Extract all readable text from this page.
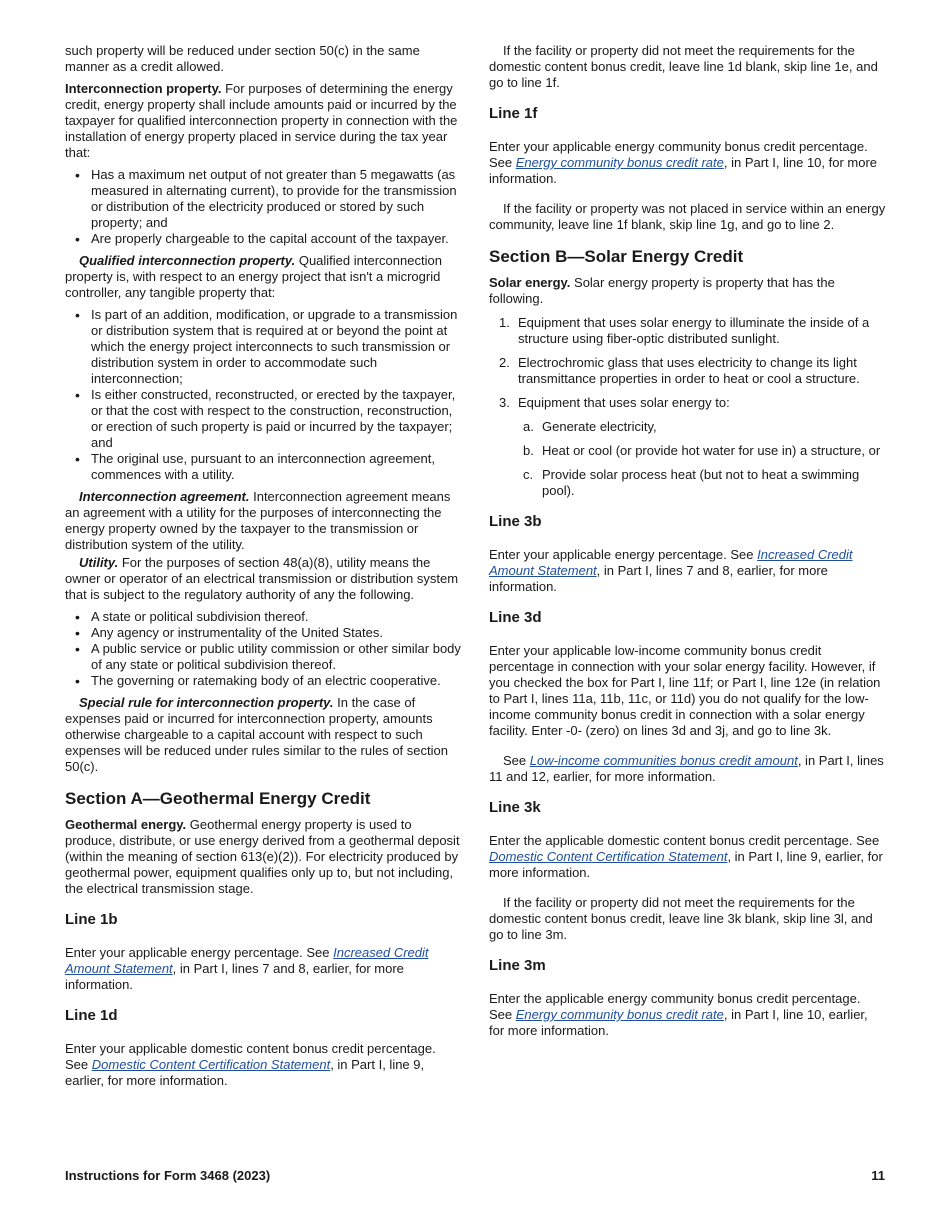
such property will be reduced under section 50(c) in the same manner as a credit allowed.

Interconnection property. For purposes of determining the energy credit, energy property shall include amounts paid or incurred by the taxpayer for qualified interconnection property in connection with the installation of energy property placed in service during the tax year that:

• Has a maximum net output of not greater than 5 megawatts (as measured in alternating current), to provide for the transmission or distribution of the electricity produced or stored by such property; and
• Are properly chargeable to the capital account of the taxpayer.

Qualified interconnection property. Qualified interconnection property is, with respect to an energy project that isn't a microgrid controller, any tangible property that:

• Is part of an addition, modification, or upgrade to a transmission or distribution system that is required at or beyond the point at which the energy project interconnects to such transmission or distribution system in order to accommodate such interconnection;
• Is either constructed, reconstructed, or erected by the taxpayer, or that the cost with respect to the construction, reconstruction, or erection of such property is paid or incurred by the taxpayer; and
• The original use, pursuant to an interconnection agreement, commences with a utility.

Interconnection agreement. Interconnection agreement means an agreement with a utility for the purposes of interconnecting the energy property owned by the taxpayer to the transmission or distribution system of the utility.

Utility. For the purposes of section 48(a)(8), utility means the owner or operator of an electrical transmission or distribution system that is subject to the regulatory authority of any the following.

• A state or political subdivision thereof.
• Any agency or instrumentality of the United States.
• A public service or public utility commission or other similar body of any state or political subdivision thereof.
• The governing or ratemaking body of an electric cooperative.

Special rule for interconnection property. In the case of expenses paid or incurred for interconnection property, amounts otherwise chargeable to a capital account with respect to such expenses will be reduced under rules similar to the rules of section 50(c).

Section A—Geothermal Energy Credit

Geothermal energy. Geothermal energy property is used to produce, distribute, or use energy derived from a geothermal deposit (within the meaning of section 613(e)(2)). For electricity produced by geothermal power, equipment qualifies only up to, but not including, the electrical transmission stage.

Line 1b

Enter your applicable energy percentage. See Increased Credit Amount Statement, in Part I, lines 7 and 8, earlier, for more information.

Line 1d

Enter your applicable domestic content bonus credit percentage. See Domestic Content Certification Statement, in Part I, line 9, earlier, for more information.

If the facility or property did not meet the requirements for the domestic content bonus credit, leave line 1d blank, skip line 1e, and go to line 1f.

Line 1f

Enter your applicable energy community bonus credit percentage. See Energy community bonus credit rate, in Part I, line 10, for more information.

If the facility or property was not placed in service within an energy community, leave line 1f blank, skip line 1g, and go to line 2.

Section B—Solar Energy Credit

Solar energy. Solar energy property is property that has the following.

1. Equipment that uses solar energy to illuminate the inside of a structure using fiber-optic distributed sunlight.
2. Electrochromic glass that uses electricity to change its light transmittance properties in order to heat or cool a structure.
3. Equipment that uses solar energy to:
a. Generate electricity,
b. Heat or cool (or provide hot water for use in) a structure, or
c. Provide solar process heat (but not to heat a swimming pool).
Line 3b

Enter your applicable energy percentage. See Increased Credit Amount Statement, in Part I, lines 7 and 8, earlier, for more information.

Line 3d

Enter your applicable low-income community bonus credit percentage in connection with your solar energy facility. However, if you checked the box for Part I, line 11f; or Part I, line 12e (in relation to Part I, lines 11a, 11b, 11c, or 11d) you do not qualify for the low-income community bonus credit in connection with a solar energy facility. Enter -0- (zero) on lines 3d and 3j, and go to line 3k.

See Low-income communities bonus credit amount, in Part I, lines 11 and 12, earlier, for more information.

Line 3k

Enter the applicable domestic content bonus credit percentage. See Domestic Content Certification Statement, in Part I, line 9, earlier, for more information.

If the facility or property did not meet the requirements for the domestic content bonus credit, leave line 3k blank, skip line 3l, and go to line 3m.

Line 3m

Enter the applicable energy community bonus credit percentage. See Energy community bonus credit rate, in Part I, line 10, earlier, for more information.

Instructions for Form 3468 (2023)	11
